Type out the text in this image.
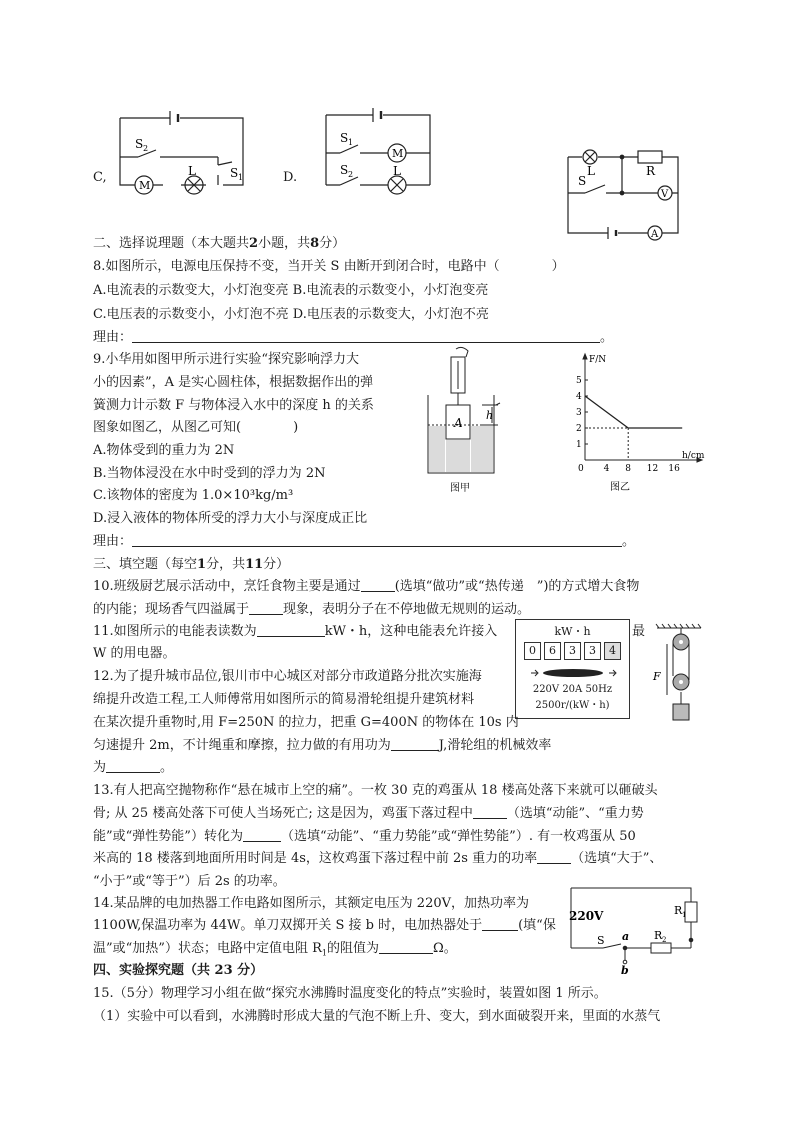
S 2
S 1
M
L
C,
S 1
M
S 2	L
D.	L	R
S
V
A
二、选择说理题（本大题共2小题，共8分）
8.如图所示，电源电压保持不变，当开关 S 由断开到闭合时，电路中（　　　　）
A.电流表的示数变大，小灯泡变亮 B.电流表的示数变小，小灯泡变亮
C.电压表的示数变小，小灯泡不亮 D.电压表的示数变大，小灯泡不亮
理由：	。
9.小华用如图甲所示进行实验“探究影响浮力大
小的因素”，A 是实心圆柱体，根据数据作出的弹
簧测力计示数 F 与物体浸入水中的深度 h 的关系
图象如图乙，从图乙可知(　　　　)
A.物体受到的重力为 2N
B.当物体浸没在水中时受到的浮力为 2N
C.该物体的密度为 1.0×10³kg/m³
D.浸入液体的物体所受的浮力大小与深度成正比
理由：	。
A
h
图甲
1
2
3
4
5
4 8 12 16
F/N
h/cm
0
图乙
三、填空题（每空1分，共11分）
10.班级厨艺展示活动中，烹饪食物主要是通过	(选填“做功”或“热传递　”)的方式增大食物
的内能；现场香气四溢属于	现象，表明分子在不停地做无规则的运动。
11.如图所示的电能表读数为	kW・h，这种电能表允许接入	最
W 的用电器。
kW・h
0	6	3	3	4
220V 20A 50Hz
2500r/(kW・h)
F
12.为了提升城市品位,银川市中心城区对部分市政道路分批次实施海
绵提升改造工程,工人师傅常用如图所示的简易滑轮组提升建筑材料
在某次提升重物时,用 F=250N 的拉力，把重 G=400N 的物体在 10s 内
匀速提升 2m，不计绳重和摩擦，拉力做的有用功为	J,滑轮组的机械效率
为	。
13.有人把高空抛物称作“悬在城市上空的痛”。一枚 30 克的鸡蛋从 18 楼高处落下来就可以砸破头
骨; 从 25 楼高处落下可使人当场死亡; 这是因为，鸡蛋下落过程中	（选填“动能”、“重力势
能”或“弹性势能”）转化为	（选填“动能”、“重力势能”或“弹性势能”）. 有一枚鸡蛋从 50
米高的 18 楼落到地面所用时间是 4s，这枚鸡蛋下落过程中前 2s 重力的功率	（选填“大于”、
“小于”或“等于”）后 2s 的功率。
14.某品牌的电加热器工作电路如图所示，其额定电压为 220V，加热功率为
1100W,保温功率为 44W。单刀双掷开关 S 接 b 时，电加热器处于	(填“保
温”或“加热”）状态；电路中定值电阻 $R_1$的阻值为	Ω。
220V	R 1
R 2
S a
b
四、实验探究题（共 23 分）
15.（5分）物理学习小组在做“探究水沸腾时温度变化的特点”实验时，装置如图 1 所示。
（1）实验中可以看到，水沸腾时形成大量的气泡不断上升、变大，到水面破裂开来，里面的水蒸气
